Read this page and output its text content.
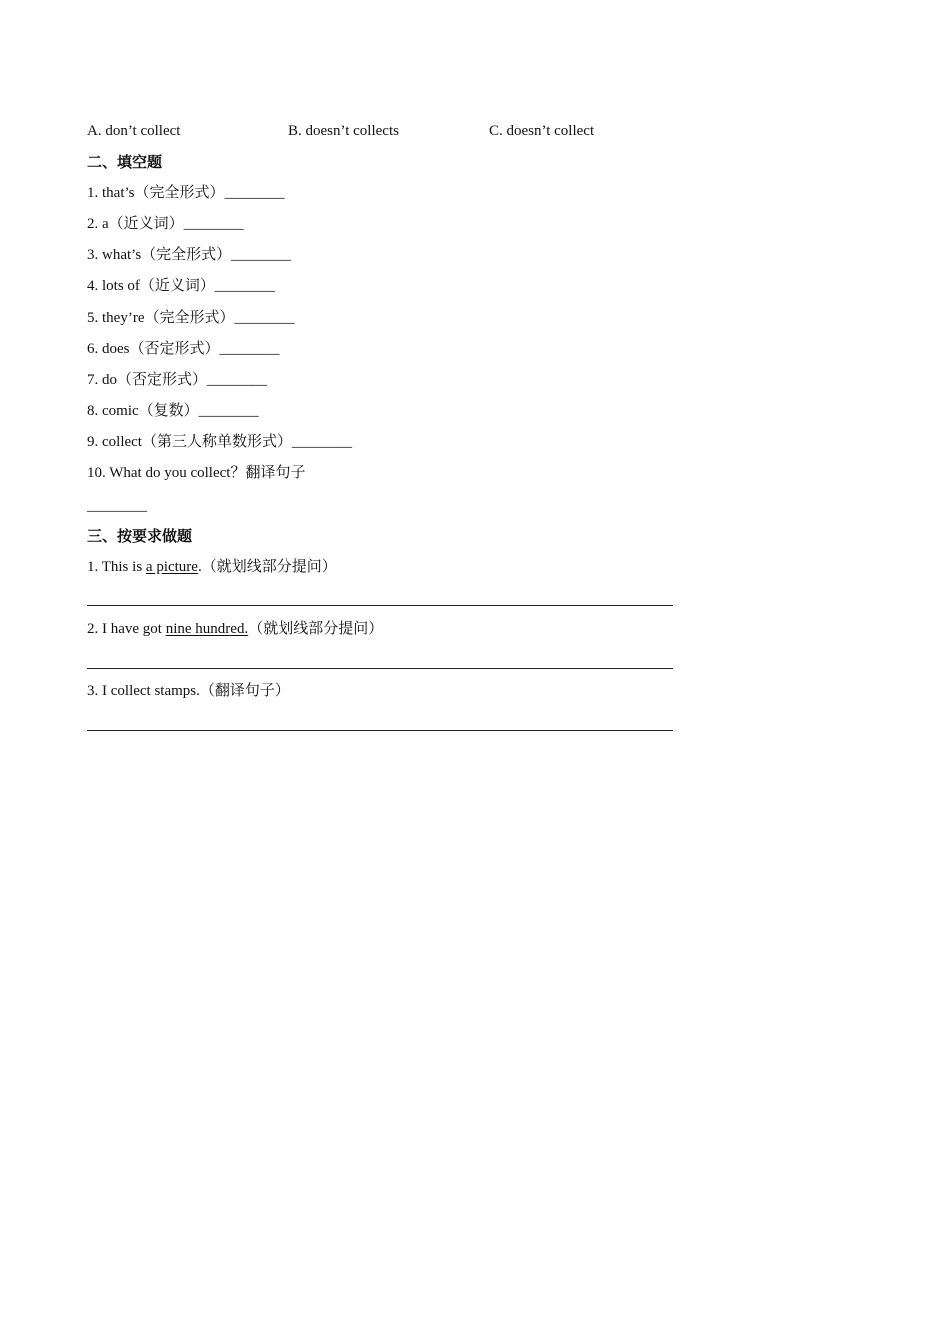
A. don’t collect	B. doesn’t collects	C. doesn’t collect
二、填空题
1. that’s（完全形式）________
2. a（近义词）________
3. what’s（完全形式）________
4. lots of（近义词）________
5. they’re（完全形式）________
6. does（否定形式）________
7. do（否定形式）________
8. comic（复数）________
9. collect（第三人称单数形式）________
10. What do you collect？翻译句子
________
三、按要求做题
1. This is a picture.（就划线部分提问）
2. I have got nine hundred.（就划线部分提问）
3. I collect stamps.（翻译句子）
